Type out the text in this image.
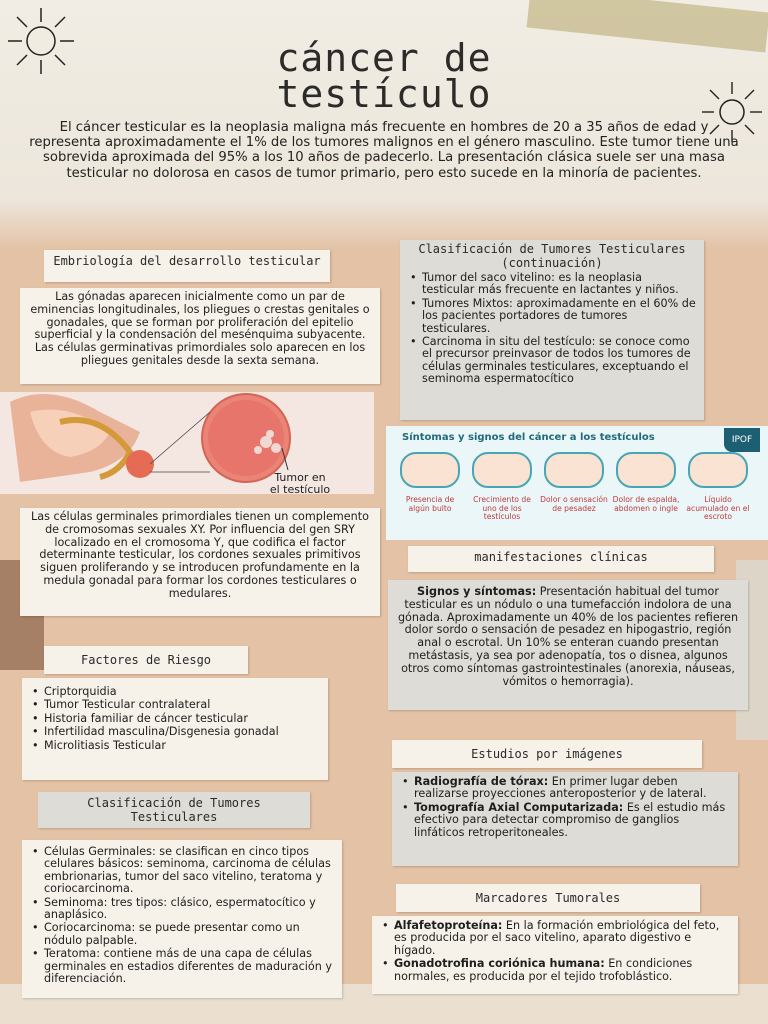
cáncer de
testículo
El cáncer testicular es la neoplasia maligna más frecuente en hombres de 20 a 35 años de edad y representa aproximadamente el 1% de los tumores malignos en el género masculino. Este tumor tiene una sobrevida aproximada del 95% a los 10 años de padecerlo. La presentación clásica suele ser una masa testicular no dolorosa en casos de tumor primario, pero esto sucede en la minoría de pacientes.
Embriología del desarrollo testicular
Las gónadas aparecen inicialmente como un par de eminencias longitudinales, los pliegues o crestas genitales o gonadales, que se forman por proliferación del epitelio superficial y la condensación del mesénquima subyacente. Las células germinativas primordiales solo aparecen en los pliegues genitales desde la sexta semana.
Tumor en
el testículo
Las células germinales primordiales tienen un complemento de cromosomas sexuales XY. Por influencia del gen SRY localizado en el cromosoma Y, que codifica el factor determinante testicular, los cordones sexuales primitivos siguen proliferando y se introducen profundamente en la medula gonadal para formar los cordones testiculares o medulares.
Factores de Riesgo
• Criptorquidia
• Tumor Testicular contralateral
• Historia familiar de cáncer testicular
• Infertilidad masculina/Disgenesia gonadal
• Microlitiasis Testicular
Clasificación de Tumores Testiculares
• Células Germinales: se clasifican en cinco tipos celulares básicos: seminoma, carcinoma de células embrionarias, tumor del saco vitelino, teratoma y coriocarcinoma.
• Seminoma: tres tipos: clásico, espermatocítico y anaplásico.
• Coriocarcinoma: se puede presentar como un nódulo palpable.
• Teratoma: contiene más de una capa de células germinales en estadios diferentes de maduración y diferenciación.
Clasificación de Tumores Testiculares (continuación)
• Tumor del saco vitelino: es la neoplasia testicular más frecuente en lactantes y niños.
• Tumores Mixtos: aproximadamente en el 60% de los pacientes portadores de tumores testiculares.
• Carcinoma in situ del testículo: se conoce como el precursor preinvasor de todos los tumores de células germinales testiculares, exceptuando el seminoma espermatocítico
Síntomas y signos del cáncer a los testículos	IPOF
Presencia de algún bulto
Crecimiento de uno de los testículos
Dolor o sensación de pesadez
Dolor de espalda, abdomen o ingle
Líquido acumulado en el escroto
manifestaciones clínicas
Signos y síntomas: Presentación habitual del tumor testicular es un nódulo o una tumefacción indolora de una gónada. Aproximadamente un 40% de los pacientes refieren dolor sordo o sensación de pesadez en hipogastrio, región anal o escrotal. Un 10% se enteran cuando presentan metástasis, ya sea por adenopatía, tos o disnea, algunos otros como síntomas gastrointestinales (anorexia, náuseas, vómitos o hemorragia).
Estudios por imágenes
• Radiografía de tórax: En primer lugar deben realizarse proyecciones anteroposterior y de lateral.
• Tomografía Axial Computarizada: Es el estudio más efectivo para detectar compromiso de ganglios linfáticos retroperitoneales.
Marcadores Tumorales
• Alfafetoproteína: En la formación embriológica del feto, es producida por el saco vitelino, aparato digestivo e hígado.
• Gonadotrofina coriónica humana: En condiciones normales, es producida por el tejido trofoblástico.
